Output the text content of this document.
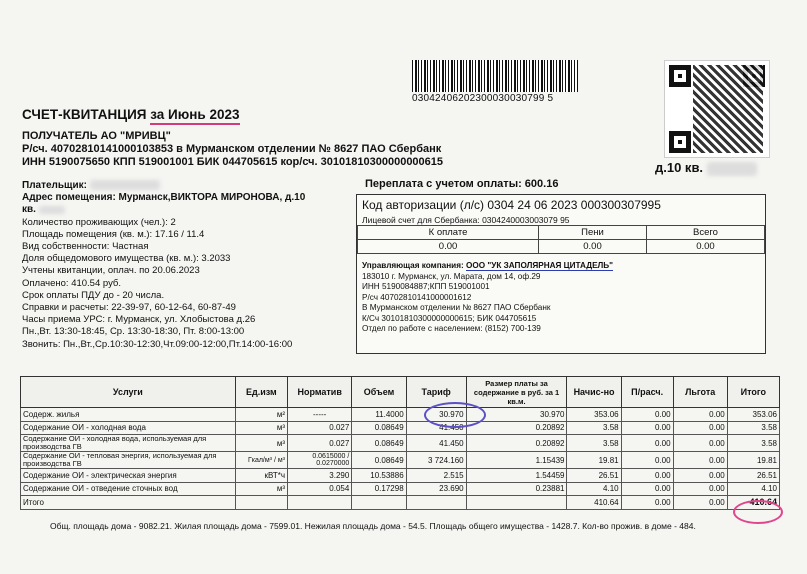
03042406202300030030799 5
СЧЕТ-КВИТАНЦИЯ за Июнь 2023
ПОЛУЧАТЕЛЬ АО "МРИВЦ"
Р/сч. 40702810141000103853 в Мурманском отделении № 8627 ПАО Сбербанк
ИНН 5190075650 КПП 519001001 БИК 044705615 кор/сч. 30101810300000000615	д.10 кв.
Плательщик:
Адрес помещения: Мурманск,ВИКТОРА МИРОНОВА, д.10
кв.
Количество проживающих (чел.): 2
Площадь помещения (кв. м.): 17.16 / 11.4
Вид собственности: Частная
Доля общедомового имущества (кв. м.): 3.2033
Учтены квитанции, оплач. по 20.06.2023
Оплачено: 410.54 руб.
Срок оплаты ПДУ до - 20 числа.
Справки и расчеты: 22-39-97, 60-12-64, 60-87-49
Часы приема УРС: г. Мурманск, ул. Хлобыстова д.26
Пн.,Вт. 13:30-18:45, Ср. 13:30-18:30, Пт. 8:00-13:00
Звонить: Пн.,Вт.,Ср.10:30-12:30,Чт.09:00-12:00,Пт.14:00-16:00
Переплата с учетом оплаты: 600.16
Код авторизации (л/с) 0304 24 06 2023 000300307995
Лицевой счет для Сбербанка: 0304240003003079 95
К оплате	Пени	Всего
0.00	0.00	0.00
Управляющая компания: ООО "УК ЗАПОЛЯРНАЯ ЦИТАДЕЛЬ"
183010 г. Мурманск, ул. Марата, дом 14, оф.29
ИНН 5190084887;КПП 519001001
Р/сч 40702810141000001612
В Мурманском отделении № 8627 ПАО Сбербанк
К/Сч 30101810300000000615; БИК 044705615
Отдел по работе с населением: (8152) 700-139
Услуги	Ед.изм	Норматив	Объем	Тариф	Размер платы за содержание в руб. за 1 кв.м.	Начис-но	П/расч.	Льгота	Итого
Содерж. жилья	м²	-----	11.4000	30.970	30.970	353.06	0.00	0.00	353.06
Содержание ОИ - холодная вода	м³	0.027	0.08649	41.450	0.20892	3.58	0.00	0.00	3.58
Содержание ОИ - холодная вода, используемая для производства ГВ	м³	0.027	0.08649	41.450	0.20892	3.58	0.00	0.00	3.58
Содержание ОИ - тепловая энергия, используемая для производства ГВ	Гкал/м³ / м³	0.0615000 / 0.0270000	0.08649	3 724.160	1.15439	19.81	0.00	0.00	19.81
Содержание ОИ - электрическая энергия	кВТ*ч	3.290	10.53886	2.515	1.54459	26.51	0.00	0.00	26.51
Содержание ОИ - отведение сточных вод	м³	0.054	0.17298	23.690	0.23881	4.10	0.00	0.00	4.10
Итого						410.64	0.00	0.00	410.64
Общ. площадь дома - 9082.21. Жилая площадь дома - 7599.01. Нежилая площадь дома - 54.5. Площадь общего имущества - 1428.7. Кол-во прожив. в доме - 484.
